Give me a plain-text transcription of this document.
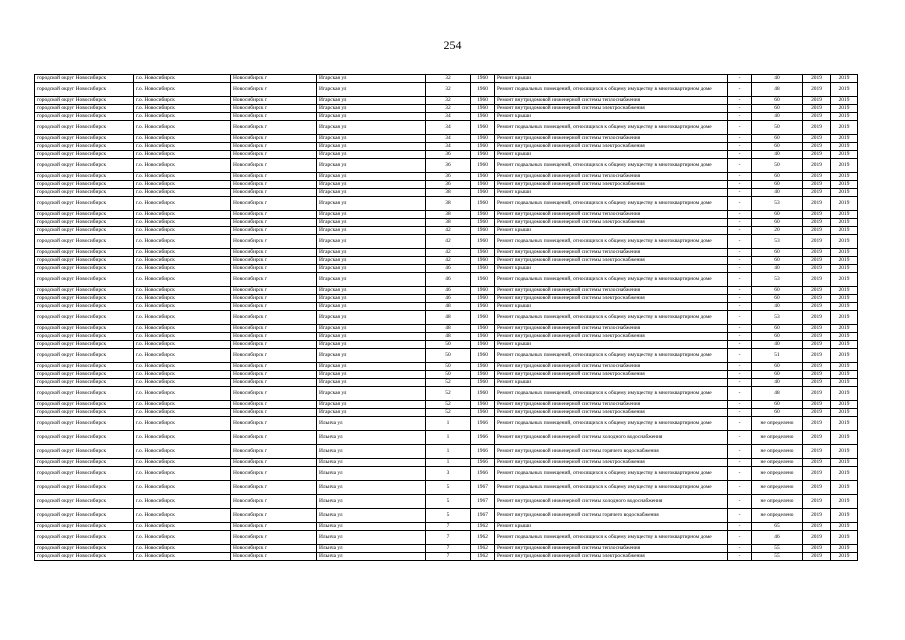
254
городской округ Новосибирск	г.о. Новосибирск	Новосибирск г	Игарская ул	32	1960	Ремонт крыши	-	40	2019	2019
городской округ Новосибирск	г.о. Новосибирск	Новосибирск г	Игарская ул	32	1960	Ремонт подвальных помещений, относящихся к общему имуществу в многоквартирном доме	-	48	2019	2019
городской округ Новосибирск	г.о. Новосибирск	Новосибирск г	Игарская ул	32	1960	Ремонт внутридомовой инженерной системы теплоснабжения	-	60	2019	2019
городской округ Новосибирск	г.о. Новосибирск	Новосибирск г	Игарская ул	32	1960	Ремонт внутридомовой инженерной системы электроснабжения	-	60	2019	2019
городской округ Новосибирск	г.о. Новосибирск	Новосибирск г	Игарская ул	34	1960	Ремонт крыши	-	40	2019	2019
городской округ Новосибирск	г.о. Новосибирск	Новосибирск г	Игарская ул	34	1960	Ремонт подвальных помещений, относящихся к общему имуществу в многоквартирном доме	-	50	2019	2019
городской округ Новосибирск	г.о. Новосибирск	Новосибирск г	Игарская ул	34	1960	Ремонт внутридомовой инженерной системы теплоснабжения	-	60	2019	2019
городской округ Новосибирск	г.о. Новосибирск	Новосибирск г	Игарская ул	34	1960	Ремонт внутридомовой инженерной системы электроснабжения	-	60	2019	2019
городской округ Новосибирск	г.о. Новосибирск	Новосибирск г	Игарская ул	36	1960	Ремонт крыши	-	40	2019	2019
городской округ Новосибирск	г.о. Новосибирск	Новосибирск г	Игарская ул	36	1960	Ремонт подвальных помещений, относящихся к общему имуществу в многоквартирном доме	-	50	2019	2019
городской округ Новосибирск	г.о. Новосибирск	Новосибирск г	Игарская ул	36	1960	Ремонт внутридомовой инженерной системы теплоснабжения	-	60	2019	2019
городской округ Новосибирск	г.о. Новосибирск	Новосибирск г	Игарская ул	36	1960	Ремонт внутридомовой инженерной системы электроснабжения	-	60	2019	2019
городской округ Новосибирск	г.о. Новосибирск	Новосибирск г	Игарская ул	38	1960	Ремонт крыши	-	40	2019	2019
городской округ Новосибирск	г.о. Новосибирск	Новосибирск г	Игарская ул	38	1960	Ремонт подвальных помещений, относящихся к общему имуществу в многоквартирном доме	-	53	2019	2019
городской округ Новосибирск	г.о. Новосибирск	Новосибирск г	Игарская ул	38	1960	Ремонт внутридомовой инженерной системы теплоснабжения	-	60	2019	2019
городской округ Новосибирск	г.о. Новосибирск	Новосибирск г	Игарская ул	38	1960	Ремонт внутридомовой инженерной системы электроснабжения	-	60	2019	2019
городской округ Новосибирск	г.о. Новосибирск	Новосибирск г	Игарская ул	42	1960	Ремонт крыши	-	20	2019	2019
городской округ Новосибирск	г.о. Новосибирск	Новосибирск г	Игарская ул	42	1960	Ремонт подвальных помещений, относящихся к общему имуществу в многоквартирном доме	-	53	2019	2019
городской округ Новосибирск	г.о. Новосибирск	Новосибирск г	Игарская ул	42	1960	Ремонт внутридомовой инженерной системы теплоснабжения	-	60	2019	2019
городской округ Новосибирск	г.о. Новосибирск	Новосибирск г	Игарская ул	42	1960	Ремонт внутридомовой инженерной системы электроснабжения	-	60	2019	2019
городской округ Новосибирск	г.о. Новосибирск	Новосибирск г	Игарская ул	46	1960	Ремонт крыши	-	40	2019	2019
городской округ Новосибирск	г.о. Новосибирск	Новосибирск г	Игарская ул	46	1960	Ремонт подвальных помещений, относящихся к общему имуществу в многоквартирном доме	-	53	2019	2019
городской округ Новосибирск	г.о. Новосибирск	Новосибирск г	Игарская ул	46	1960	Ремонт внутридомовой инженерной системы теплоснабжения	-	60	2019	2019
городской округ Новосибирск	г.о. Новосибирск	Новосибирск г	Игарская ул	46	1960	Ремонт внутридомовой инженерной системы электроснабжения	-	60	2019	2019
городской округ Новосибирск	г.о. Новосибирск	Новосибирск г	Игарская ул	48	1960	Ремонт крыши	-	40	2019	2019
городской округ Новосибирск	г.о. Новосибирск	Новосибирск г	Игарская ул	48	1960	Ремонт подвальных помещений, относящихся к общему имуществу в многоквартирном доме	-	53	2019	2019
городской округ Новосибирск	г.о. Новосибирск	Новосибирск г	Игарская ул	48	1960	Ремонт внутридомовой инженерной системы теплоснабжения	-	60	2019	2019
городской округ Новосибирск	г.о. Новосибирск	Новосибирск г	Игарская ул	48	1960	Ремонт внутридомовой инженерной системы электроснабжения	-	60	2019	2019
городской округ Новосибирск	г.о. Новосибирск	Новосибирск г	Игарская ул	50	1960	Ремонт крыши	-	40	2019	2019
городской округ Новосибирск	г.о. Новосибирск	Новосибирск г	Игарская ул	50	1960	Ремонт подвальных помещений, относящихся к общему имуществу в многоквартирном доме	-	51	2019	2019
городской округ Новосибирск	г.о. Новосибирск	Новосибирск г	Игарская ул	50	1960	Ремонт внутридомовой инженерной системы теплоснабжения	-	60	2019	2019
городской округ Новосибирск	г.о. Новосибирск	Новосибирск г	Игарская ул	50	1960	Ремонт внутридомовой инженерной системы электроснабжения	-	60	2019	2019
городской округ Новосибирск	г.о. Новосибирск	Новосибирск г	Игарская ул	52	1960	Ремонт крыши	-	40	2019	2019
городской округ Новосибирск	г.о. Новосибирск	Новосибирск г	Игарская ул	52	1960	Ремонт подвальных помещений, относящихся к общему имуществу в многоквартирном доме	-	48	2019	2019
городской округ Новосибирск	г.о. Новосибирск	Новосибирск г	Игарская ул	52	1960	Ремонт внутридомовой инженерной системы теплоснабжения	-	60	2019	2019
городской округ Новосибирск	г.о. Новосибирск	Новосибирск г	Игарская ул	52	1960	Ремонт внутридомовой инженерной системы электроснабжения	-	60	2019	2019
городской округ Новосибирск	г.о. Новосибирск	Новосибирск г	Ильича ул	1	1966	Ремонт подвальных помещений, относящихся к общему имуществу в многоквартирном доме	-	не определено	2019	2019
городской округ Новосибирск	г.о. Новосибирск	Новосибирск г	Ильича ул	1	1966	Ремонт внутридомовой инженерной системы холодного водоснабжения	-	не определено	2019	2019
городской округ Новосибирск	г.о. Новосибирск	Новосибирск г	Ильича ул	1	1966	Ремонт внутридомовой инженерной системы горячего водоснабжения	-	не определено	2019	2019
городской округ Новосибирск	г.о. Новосибирск	Новосибирск г	Ильича ул	1	1966	Ремонт внутридомовой инженерной системы электроснабжения	-	не определено	2019	2019
городской округ Новосибирск	г.о. Новосибирск	Новосибирск г	Ильича ул	3	1966	Ремонт подвальных помещений, относящихся к общему имуществу в многоквартирном доме	-	не определено	2019	2019
городской округ Новосибирск	г.о. Новосибирск	Новосибирск г	Ильича ул	5	1967	Ремонт подвальных помещений, относящихся к общему имуществу в многоквартирном доме	-	не определено	2019	2019
городской округ Новосибирск	г.о. Новосибирск	Новосибирск г	Ильича ул	5	1967	Ремонт внутридомовой инженерной системы холодного водоснабжения	-	не определено	2019	2019
городской округ Новосибирск	г.о. Новосибирск	Новосибирск г	Ильича ул	5	1967	Ремонт внутридомовой инженерной системы горячего водоснабжения	-	не определено	2019	2019
городской округ Новосибирск	г.о. Новосибирск	Новосибирск г	Ильича ул	7	1962	Ремонт крыши	-	65	2019	2019
городской округ Новосибирск	г.о. Новосибирск	Новосибирск г	Ильича ул	7	1962	Ремонт подвальных помещений, относящихся к общему имуществу в многоквартирном доме	-	46	2019	2019
городской округ Новосибирск	г.о. Новосибирск	Новосибирск г	Ильича ул	7	1962	Ремонт внутридомовой инженерной системы теплоснабжения	-	55	2019	2019
городской округ Новосибирск	г.о. Новосибирск	Новосибирск г	Ильича ул	7	1962	Ремонт внутридомовой инженерной системы электроснабжения	-	55	2019	2019
